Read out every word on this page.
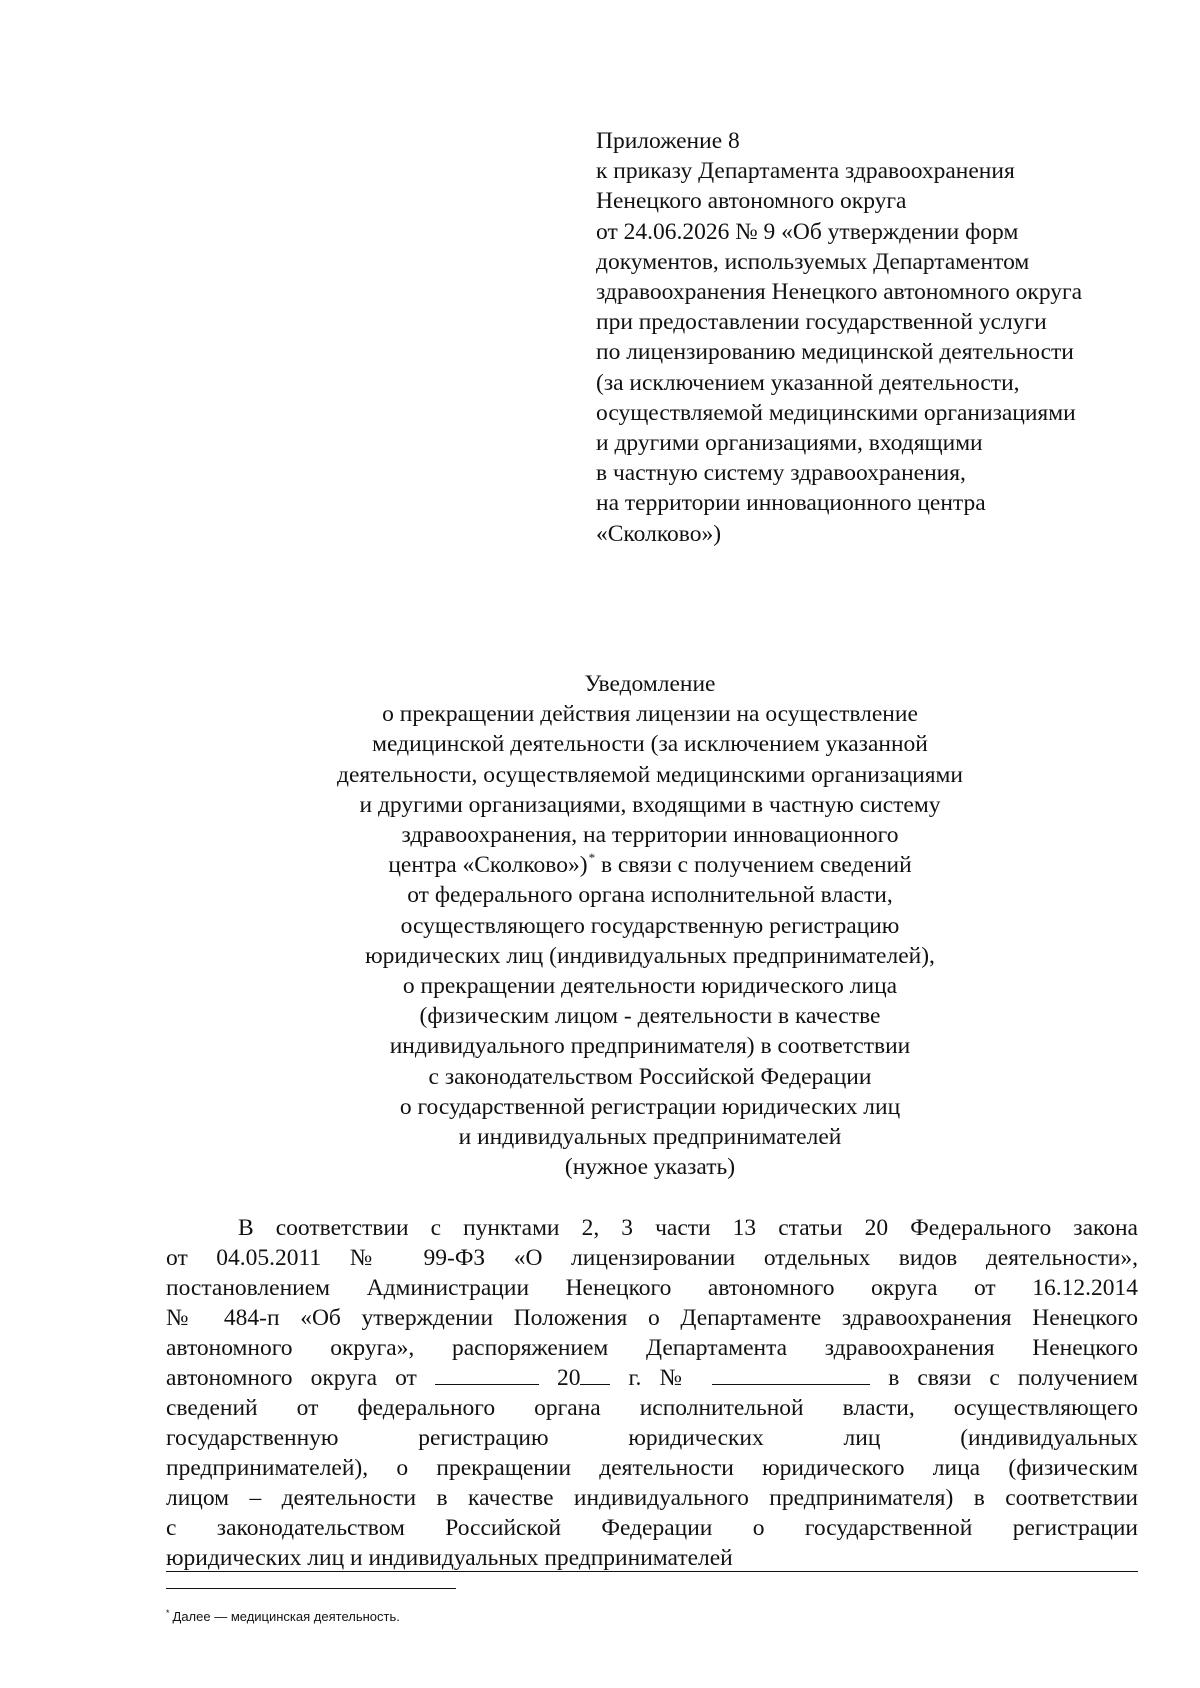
Приложение 8
к приказу Департамента здравоохранения
Ненецкого автономного округа
от 24.06.2026 № 9 «Об утверждении форм
документов, используемых Департаментом
здравоохранения Ненецкого автономного округа
при предоставлении государственной услуги
по лицензированию медицинской деятельности
(за исключением указанной деятельности,
осуществляемой медицинскими организациями
и другими организациями, входящими
в частную систему здравоохранения,
на территории инновационного центра
«Сколково»)
Уведомление
о прекращении действия лицензии на осуществление
медицинской деятельности (за исключением указанной
деятельности, осуществляемой медицинскими организациями
и другими организациями, входящими в частную систему
здравоохранения, на территории инновационного
центра «Сколково»)* в связи с получением сведений
от федерального органа исполнительной власти,
осуществляющего государственную регистрацию
юридических лиц (индивидуальных предпринимателей),
о прекращении деятельности юридического лица
(физическим лицом - деятельности в качестве
индивидуального предпринимателя) в соответствии
с законодательством Российской Федерации
о государственной регистрации юридических лиц
и индивидуальных предпринимателей
(нужное указать)
В соответствии с пунктами 2, 3 части 13 статьи 20 Федерального закона
от 04.05.2011 № 99-ФЗ «О лицензировании отдельных видов деятельности»,
постановлением Администрации Ненецкого автономного округа от 16.12.2014
№ 484-п «Об утверждении Положения о Департаменте здравоохранения Ненецкого
автономного округа», распоряжением Департамента здравоохранения Ненецкого
автономного округа от	20 г. №	в связи с получением
сведений от федерального органа исполнительной власти, осуществляющего
государственную регистрацию юридических лиц (индивидуальных
предпринимателей), о прекращении деятельности юридического лица (физическим
лицом – деятельности в качестве индивидуального предпринимателя) в соответствии
с законодательством Российской Федерации о государственной регистрации
юридических лиц и индивидуальных предпринимателей
* Далее — медицинская деятельность.
